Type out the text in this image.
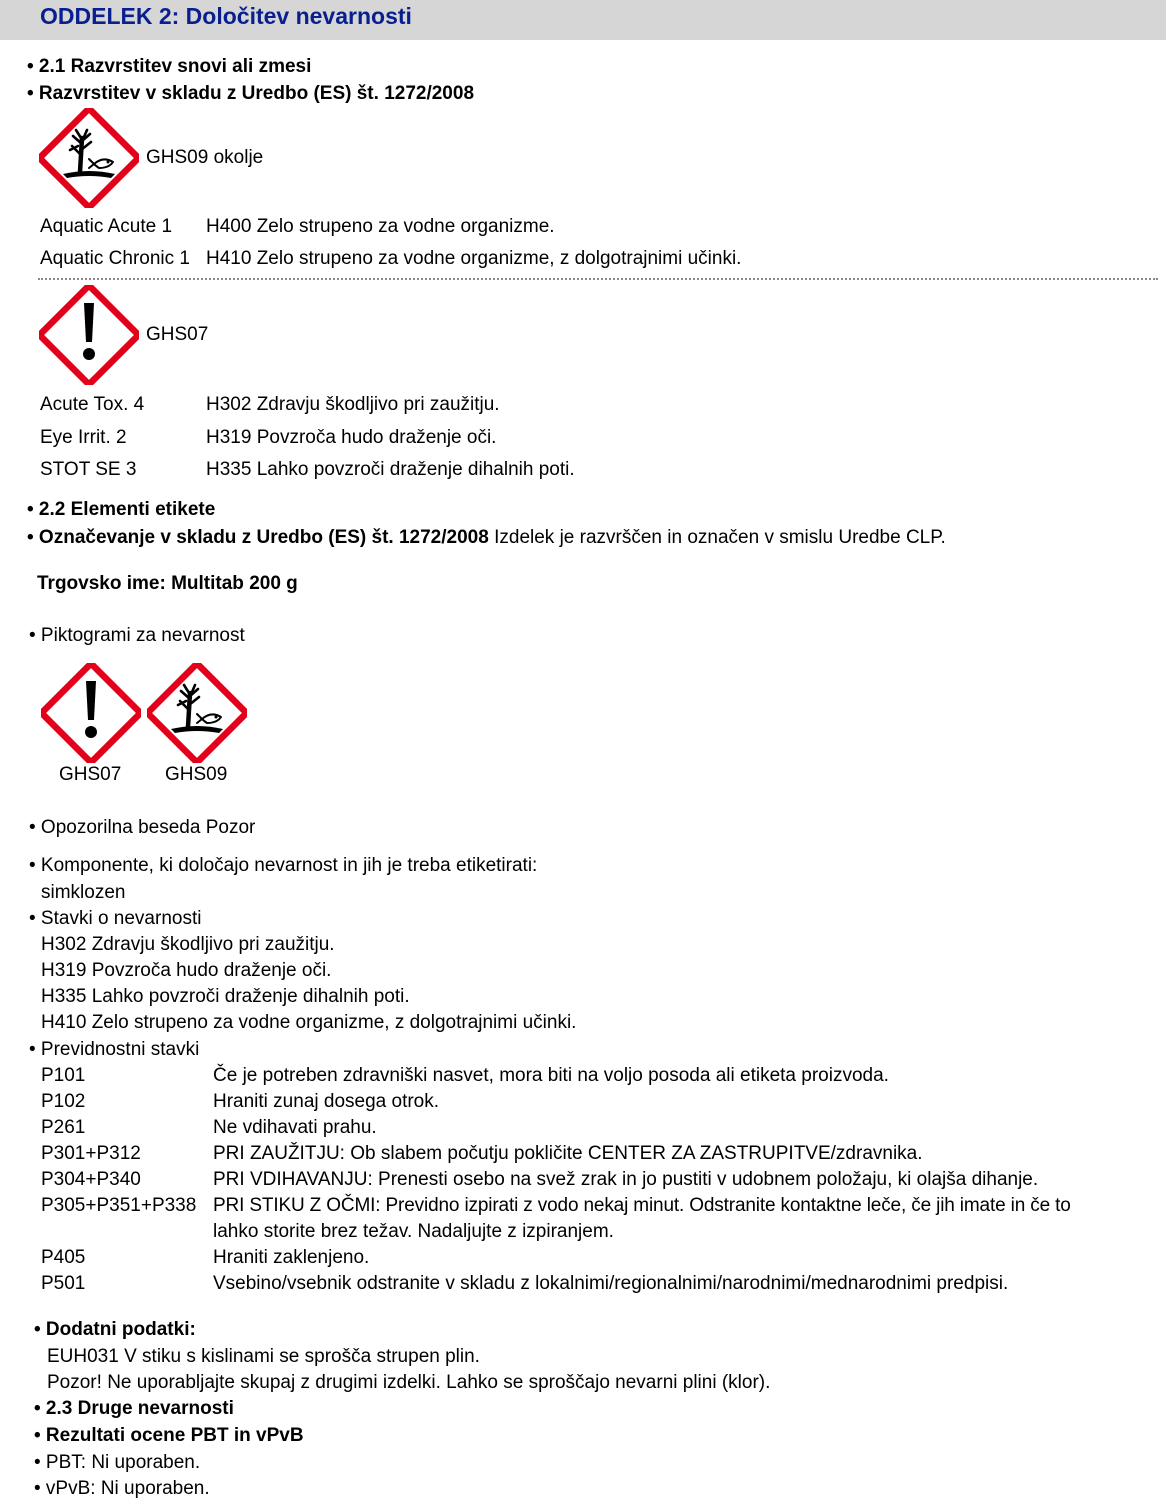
ODDELEK 2: Določitev nevarnosti
• 2.1 Razvrstitev snovi ali zmesi
• Razvrstitev v skladu z Uredbo (ES) št. 1272/2008
GHS09 okolje
Aquatic Acute 1 H400 Zelo strupeno za vodne organizme.
Aquatic Chronic 1 H410 Zelo strupeno za vodne organizme, z dolgotrajnimi učinki.
GHS07
Acute Tox. 4	H302 Zdravju škodljivo pri zaužitju.
Eye Irrit. 2	H319 Povzroča hudo draženje oči.
STOT SE 3	H335 Lahko povzroči draženje dihalnih poti.
• 2.2 Elementi etikete
• Označevanje v skladu z Uredbo (ES) št. 1272/2008 Izdelek je razvrščen in označen v smislu Uredbe CLP.
Trgovsko ime: Multitab 200 g
• Piktogrami za nevarnost
GHS07 GHS09
• Opozorilna beseda Pozor
• Komponente, ki določajo nevarnost in jih je treba etiketirati:
simklozen
• Stavki o nevarnosti
H302 Zdravju škodljivo pri zaužitju.
H319 Povzroča hudo draženje oči.
H335 Lahko povzroči draženje dihalnih poti.
H410 Zelo strupeno za vodne organizme, z dolgotrajnimi učinki.
• Previdnostni stavki
P101	Če je potreben zdravniški nasvet, mora biti na voljo posoda ali etiketa proizvoda.
P102	Hraniti zunaj dosega otrok.
P261	Ne vdihavati prahu.
P301+P312	PRI ZAUŽITJU: Ob slabem počutju pokličite CENTER ZA ZASTRUPITVE/zdravnika.
P304+P340	PRI VDIHAVANJU: Prenesti osebo na svež zrak in jo pustiti v udobnem položaju, ki olajša dihanje.
P305+P351+P338 PRI STIKU Z OČMI: Previdno izpirati z vodo nekaj minut. Odstranite kontaktne leče, če jih imate in če to
lahko storite brez težav. Nadaljujte z izpiranjem.
P405	Hraniti zaklenjeno.
P501	Vsebino/vsebnik odstranite v skladu z lokalnimi/regionalnimi/narodnimi/mednarodnimi predpisi.
• Dodatni podatki:
EUH031 V stiku s kislinami se sprošča strupen plin.
Pozor! Ne uporabljajte skupaj z drugimi izdelki. Lahko se sproščajo nevarni plini (klor).
• 2.3 Druge nevarnosti
• Rezultati ocene PBT in vPvB
• PBT: Ni uporaben.
• vPvB: Ni uporaben.
